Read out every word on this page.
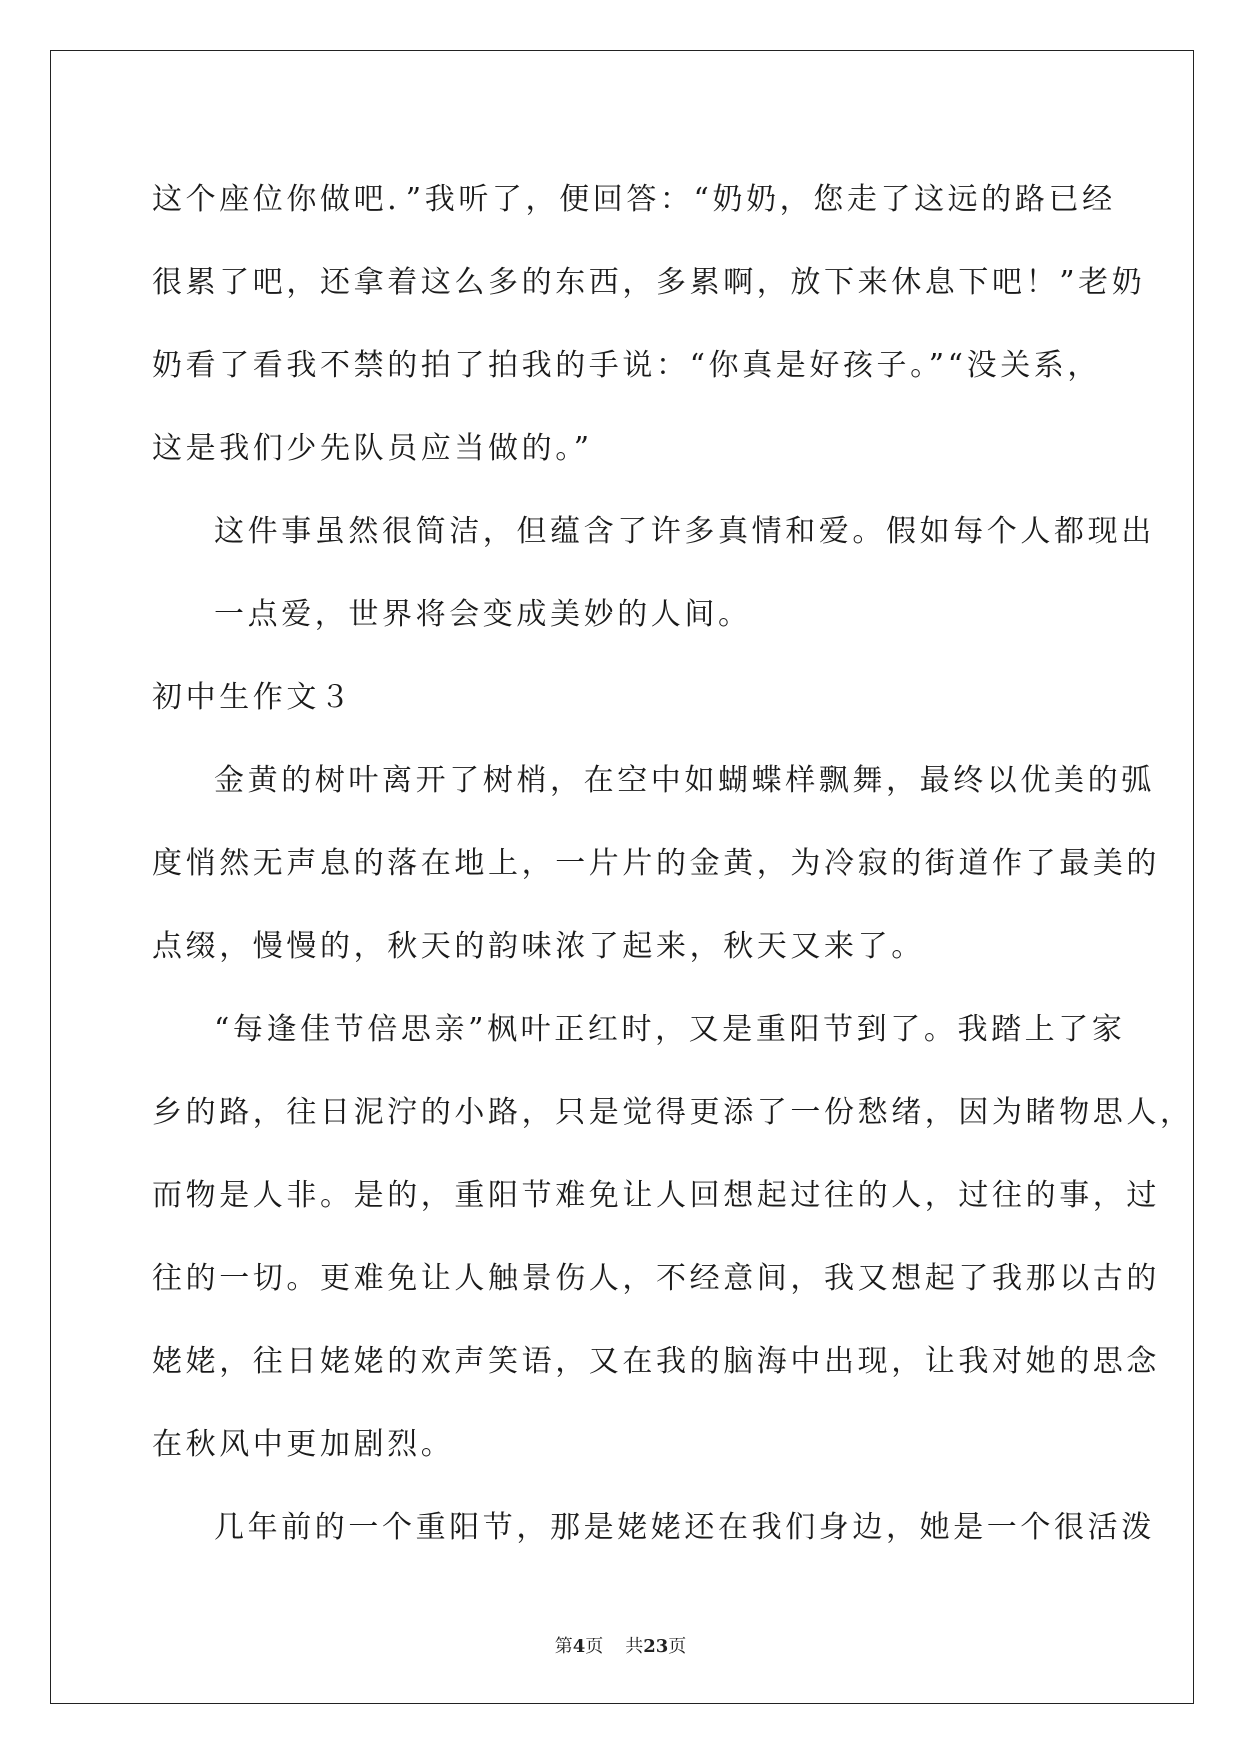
这个座位你做吧．”我听了，便回答：“奶奶，您走了这远的路已经
很累了吧，还拿着这么多的东西，多累啊，放下来休息下吧！”老奶
奶看了看我不禁的拍了拍我的手说：“你真是好孩子。”“没关系，
这是我们少先队员应当做的。”
这件事虽然很简洁，但蕴含了许多真情和爱。假如每个人都现出
一点爱，世界将会变成美妙的人间。
初中生作文３
金黄的树叶离开了树梢，在空中如蝴蝶样飘舞，最终以优美的弧
度悄然无声息的落在地上，一片片的金黄，为冷寂的街道作了最美的
点缀，慢慢的，秋天的韵味浓了起来，秋天又来了。
“每逢佳节倍思亲”枫叶正红时，又是重阳节到了。我踏上了家
乡的路，往日泥泞的小路，只是觉得更添了一份愁绪，因为睹物思人，
而物是人非。是的，重阳节难免让人回想起过往的人，过往的事，过
往的一切。更难免让人触景伤人，不经意间，我又想起了我那以古的
姥姥，往日姥姥的欢声笑语，又在我的脑海中出现，让我对她的思念
在秋风中更加剧烈。
几年前的一个重阳节，那是姥姥还在我们身边，她是一个很活泼
第4页 共23页
